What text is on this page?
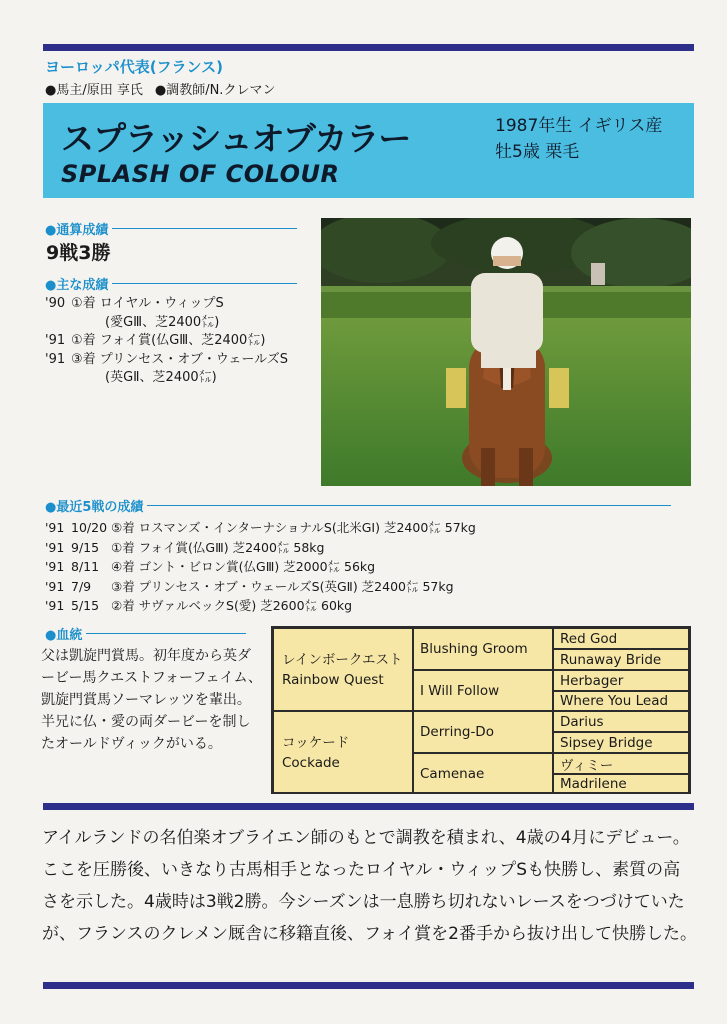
ヨーロッパ代表(フランス)
●馬主/原田 享氏 ●調教師/N.クレマン
スプラッシュオブカラー
SPLASH OF COLOUR
1987年生 イギリス産
牡5歳 栗毛
●通算成績
9戦3勝
●主な成績
'90 ①着 ロイヤル・ウィップS
(愛GⅢ、芝2400㍍)
'91 ①着 フォイ賞(仏GⅢ、芝2400㍍)
'91 ③着 プリンセス・オブ・ウェールズS
(英GⅡ、芝2400㍍)
●最近5戦の成績
'91 10/20 ⑤着 ロスマンズ・インターナショナルS(北米GⅠ) 芝2400㍍ 57kg
'91 9/15 ①着 フォイ賞(仏GⅢ) 芝2400㍍ 58kg
'91 8/11 ④着 ゴント・ビロン賞(仏GⅢ) 芝2000㍍ 56kg
'91 7/9 ③着 プリンセス・オブ・ウェールズS(英GⅡ) 芝2400㍍ 57kg
'91 5/15 ②着 サヴァルベックS(愛) 芝2600㍍ 60kg
●血統
父は凱旋門賞馬。初年度から英ダービー馬クエストフォーフェイム、凱旋門賞馬ソーマレッツを輩出。半兄に仏・愛の両ダービーを制したオールドヴィックがいる。
レインボークエスト
Rainbow Quest
コッケード
Cockade
Blushing Groom
I Will Follow
Derring-Do
Camenae
Red God
Runaway Bride
Herbager
Where You Lead
Darius
Sipsey Bridge
ヴィミー
Madrilene
アイルランドの名伯楽オブライエン師のもとで調教を積まれ、4歳の4月にデビュー。ここを圧勝後、いきなり古馬相手となったロイヤル・ウィップSも快勝し、素質の高さを示した。4歳時は3戦2勝。今シーズンは一息勝ち切れないレースをつづけていたが、フランスのクレメン厩舎に移籍直後、フォイ賞を2番手から抜け出して快勝した。
